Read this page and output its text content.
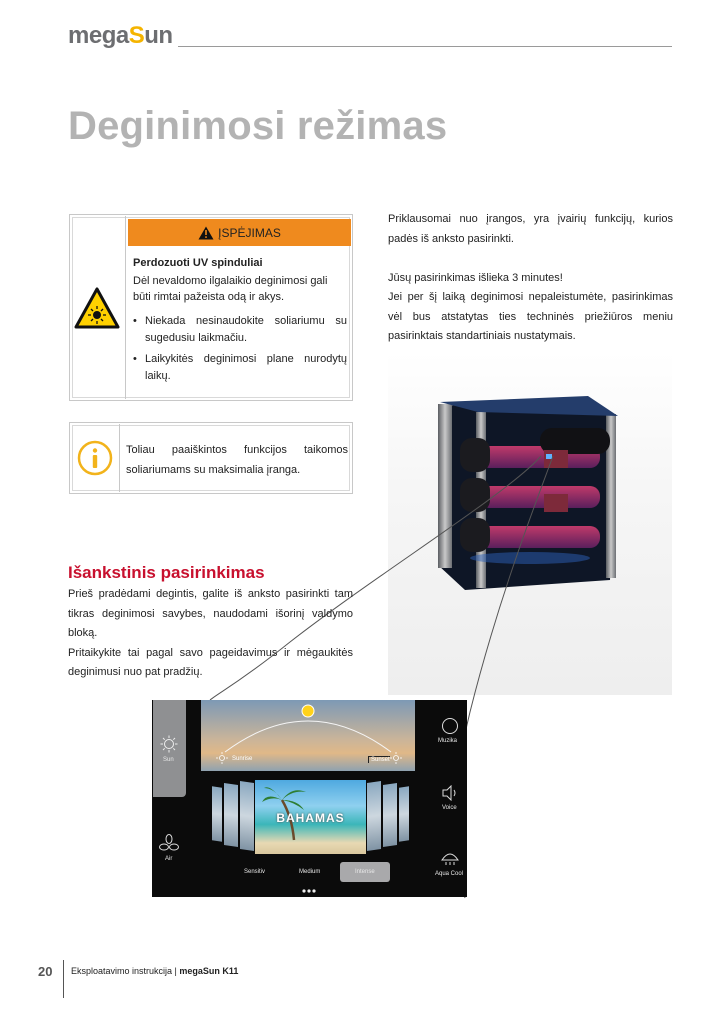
megaSun
Deginimosi režimas
ĮSPĖJIMAS
Perdozuoti UV spinduliai
Dėl nevaldomo ilgalaikio deginimosi gali būti rimtai pažeista odą ir akys.
• Niekada nesinaudokite soliariumu su sugedusiu laikmačiu.
• Laikykitės deginimosi plane nurodytų laikų.
Toliau paaiškintos funkcijos taikomos soliariumams su maksimalia įranga.

Priklausomai nuo įrangos, yra įvairių funkcijų, kurios padės iš anksto pasirinkti.

Jūsų pasirinkimas išlieka 3 minutes!

Jei per šį laiką deginimosi nepaleistumėte, pasirinkimas vėl bus atstatytas ties techninės priežiūros meniu pasirinktais standartiniais nustatymais.

Išankstinis pasirinkimas

Prieš pradėdami degintis, galite iš anksto pasirinkti tam tikras deginimosi savybes, naudodami išorinį valdymo bloką.

Pritaikykite tai pagal savo pageidavimus ir mėgaukitės deginimusi nuo pat pradžių.

Sun
Air
Sunrise	Sunset
BAHAMAS
Sensitiv	Medium	Intense
Muzika
Voice
Aqua Cool
20 Eksploatavimo instrukcija | megaSun K11
